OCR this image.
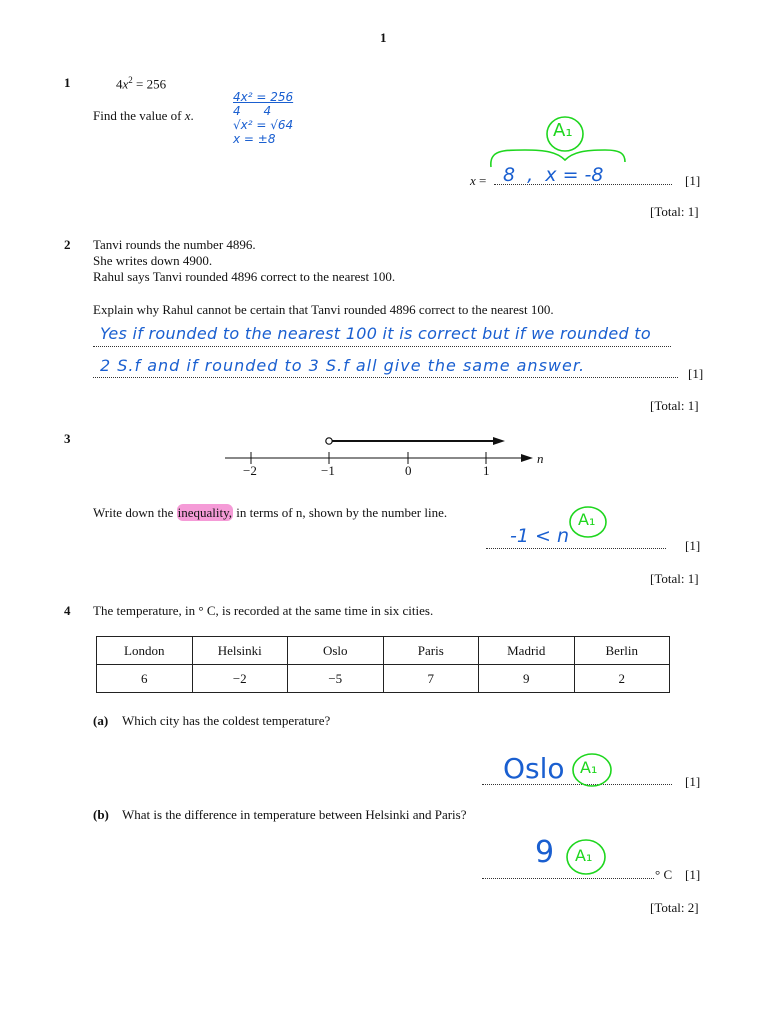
1
1	$4x^2 = 256$
Find the value of x.
4x² = 256
4      4
√x² = √64
x = ±8	A₁
x = 8  ,  x = -8	[1]
[Total: 1]
2 Tanvi rounds the number 4896.
She writes down 4900.
Rahul says Tanvi rounded 4896 correct to the nearest 100.
Explain why Rahul cannot be certain that Tanvi rounded 4896 correct to the nearest 100.
Yes if rounded to the nearest 100 it is correct but if we rounded to
2 S.f and if rounded to 3 S.f all give the same answer.	[1]
[Total: 1]
3
−2	−1	0	1
n
Write down the inequality, in terms of n, shown by the number line.	A₁
-1 < n	[1]
[Total: 1]
4 The temperature, in ° C, is recorded at the same time in six cities.
London	Helsinki	Oslo	Paris	Madrid	Berlin
6	−2	−5	7	9	2
(a) Which city has the coldest temperature?
Oslo A₁
[1]
(b) What is the difference in temperature between Helsinki and Paris?
9 A₁
° C [1]
[Total: 2]
